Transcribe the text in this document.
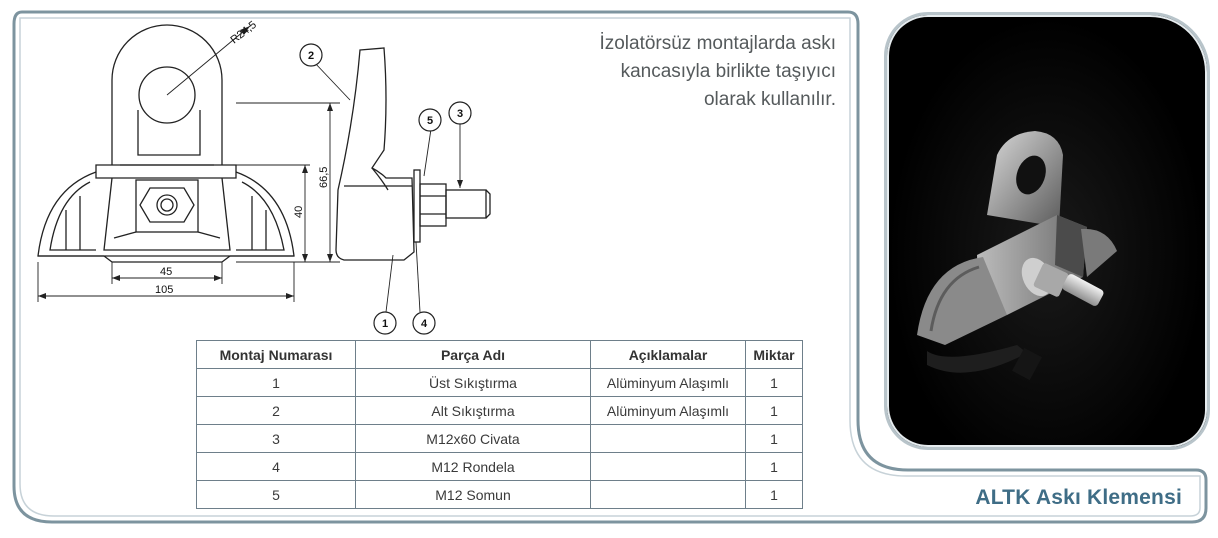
R24,5
66,5
40
45
105
2
1	4
5
3
İzolatörsüz montajlarda askı
kancasıyla birlikte taşıyıcı
olarak kullanılır.
Montaj Numarası	Parça Adı	Açıklamalar	Miktar
1	Üst Sıkıştırma	Alüminyum Alaşımlı	1
2	Alt Sıkıştırma	Alüminyum Alaşımlı	1
3	M12x60 Civata		1
4	M12 Rondela		1
5	M12 Somun		1	ALTK Askı Klemensi
